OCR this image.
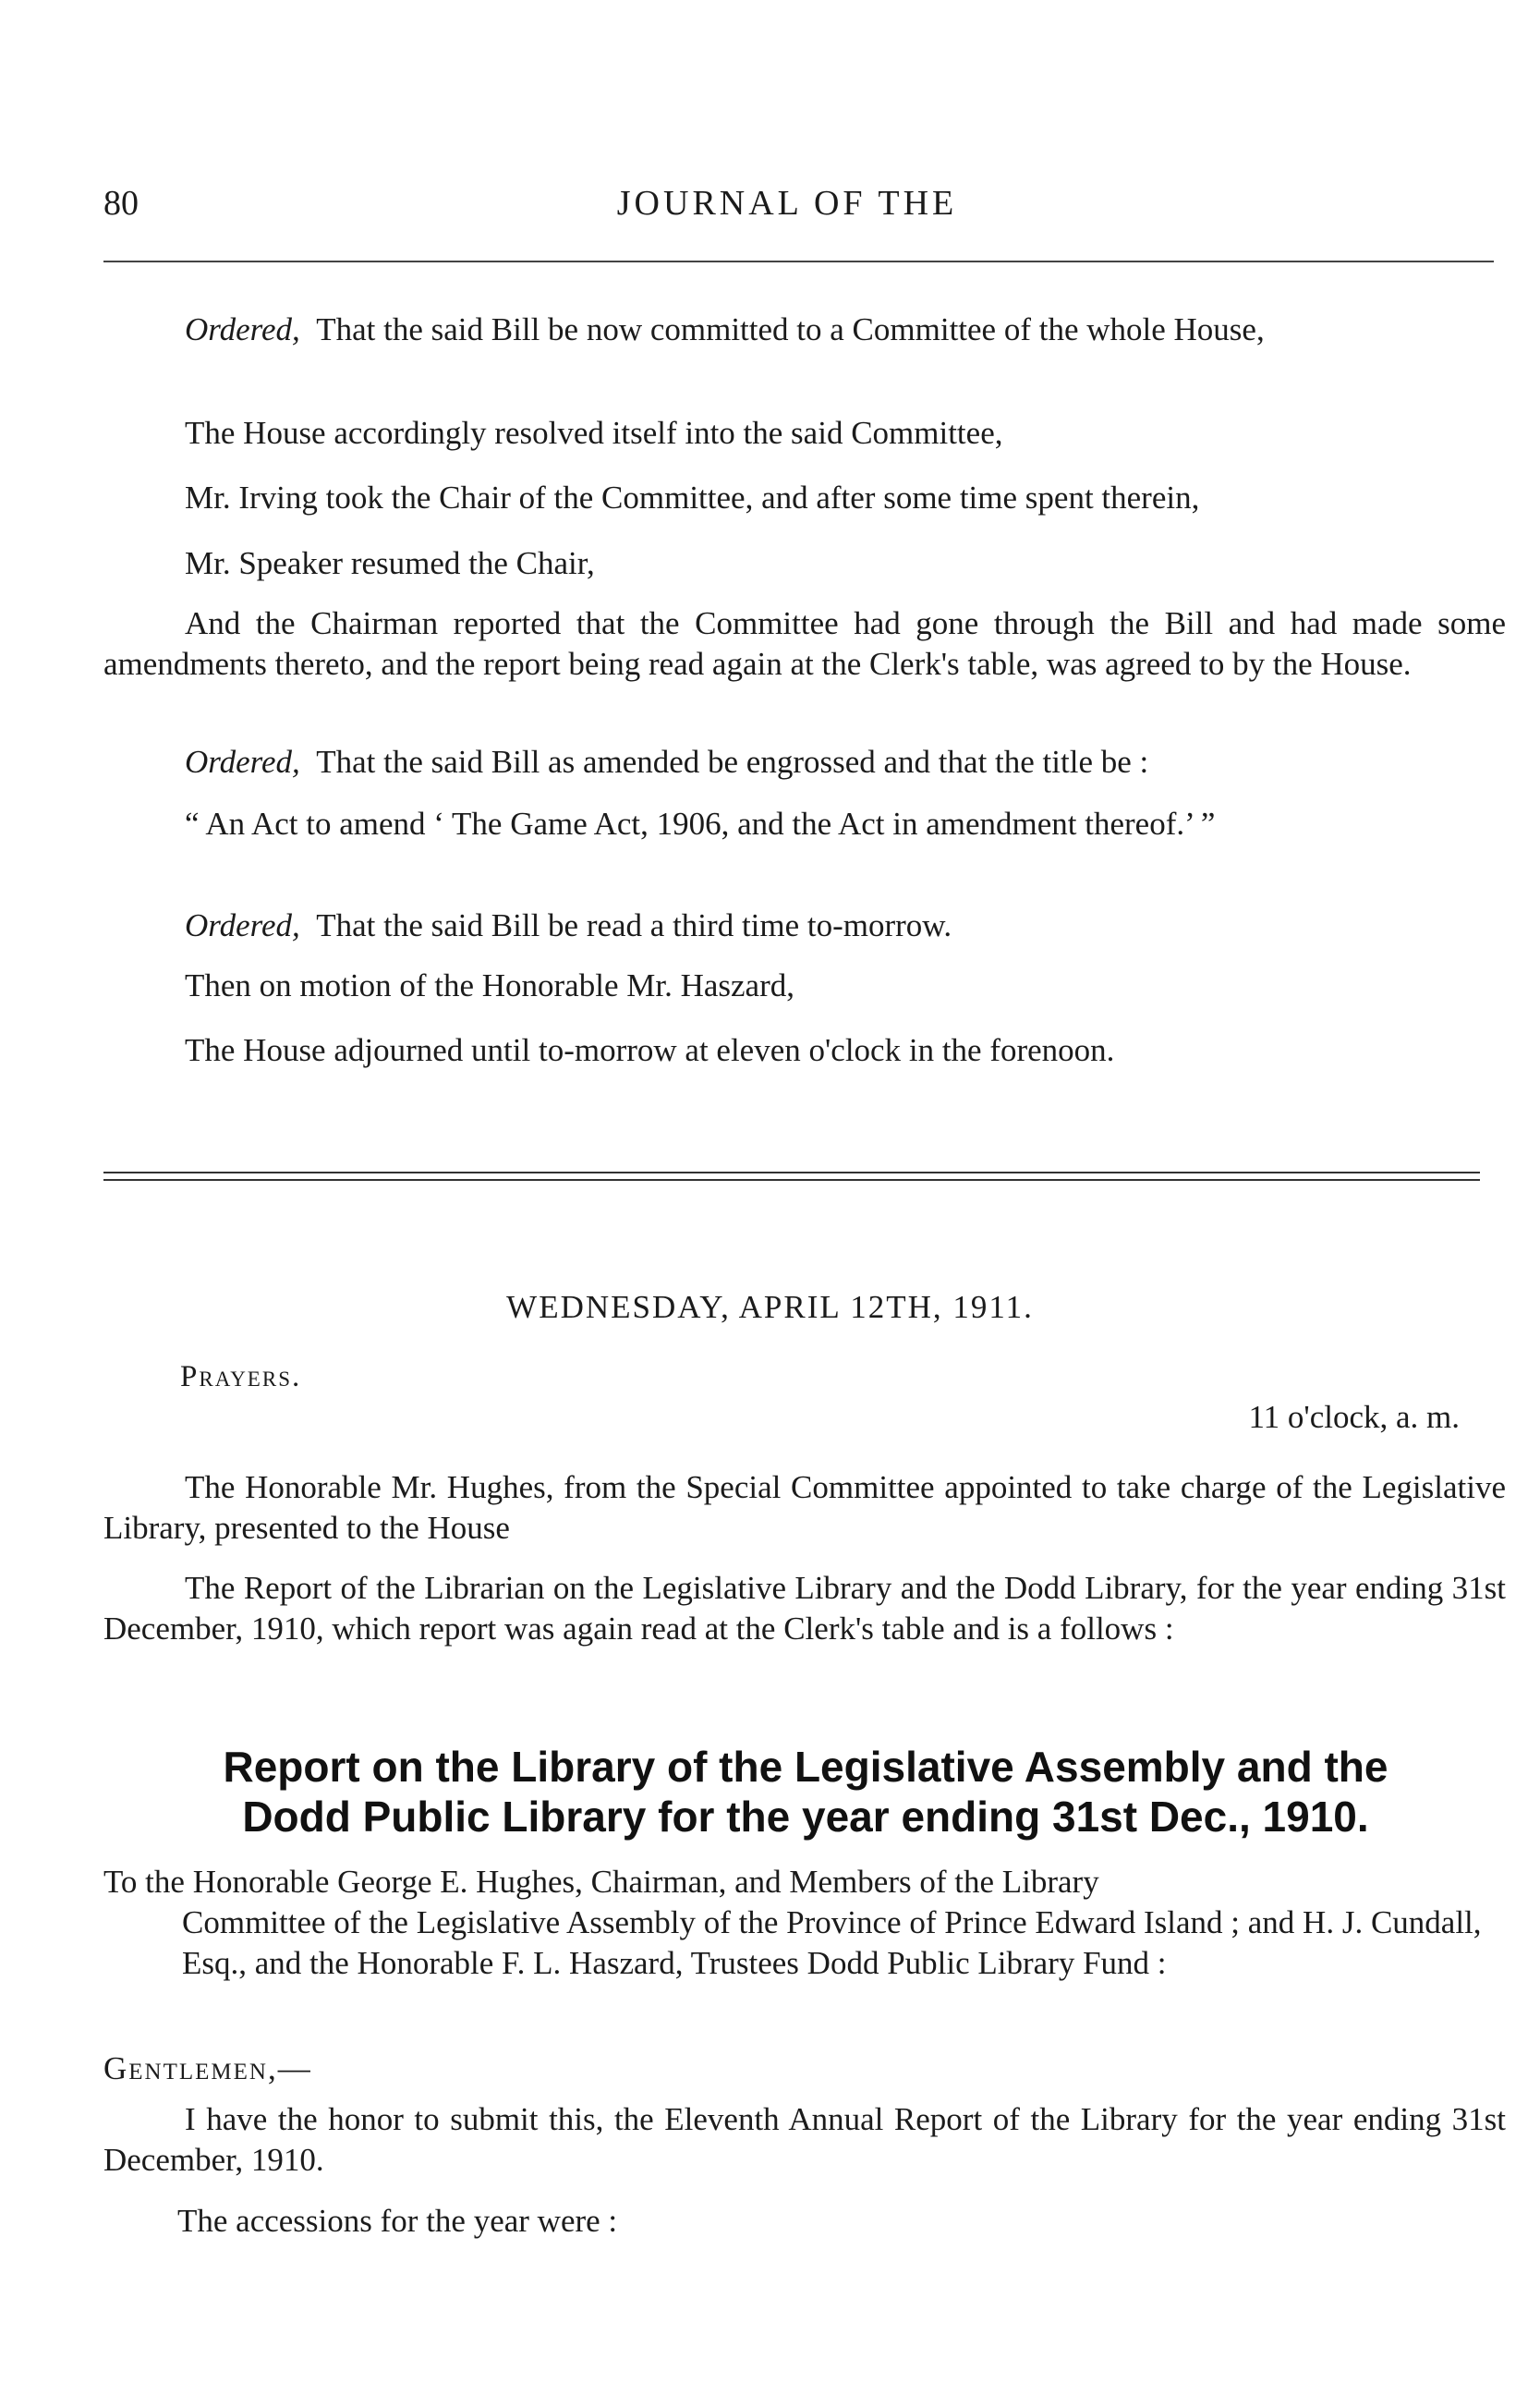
80	JOURNAL OF THE
Ordered, That the said Bill be now committed to a Committee of the whole House,
The House accordingly resolved itself into the said Committee,
Mr. Irving took the Chair of the Committee, and after some time spent therein,
Mr. Speaker resumed the Chair,
And the Chairman reported that the Committee had gone through the Bill and had made some amendments thereto, and the report being read again at the Clerk's table, was agreed to by the House.
Ordered, That the said Bill as amended be engrossed and that the title be :
“ An Act to amend ‘ The Game Act, 1906, and the Act in amendment thereof.’ ”
Ordered, That the said Bill be read a third time to-morrow.
Then on motion of the Honorable Mr. Haszard,
The House adjourned until to-morrow at eleven o'clock in the forenoon.
WEDNESDAY, APRIL 12TH, 1911.
Prayers.
11 o'clock, a. m.
The Honorable Mr. Hughes, from the Special Committee appointed to take charge of the Legislative Library, presented to the House
The Report of the Librarian on the Legislative Library and the Dodd Library, for the year ending 31st December, 1910, which report was again read at the Clerk's table and is a follows :
Report on the Library of the Legislative Assembly and the
Dodd Public Library for the year ending 31st Dec., 1910.
To the Honorable George E. Hughes, Chairman, and Members of the Library
Committee of the Legislative Assembly of the Province of Prince Edward Island ; and H. J. Cundall, Esq., and the Honorable F. L. Haszard, Trustees Dodd Public Library Fund :
Gentlemen,—
I have the honor to submit this, the Eleventh Annual Report of the Library for the year ending 31st December, 1910.
The accessions for the year were :
